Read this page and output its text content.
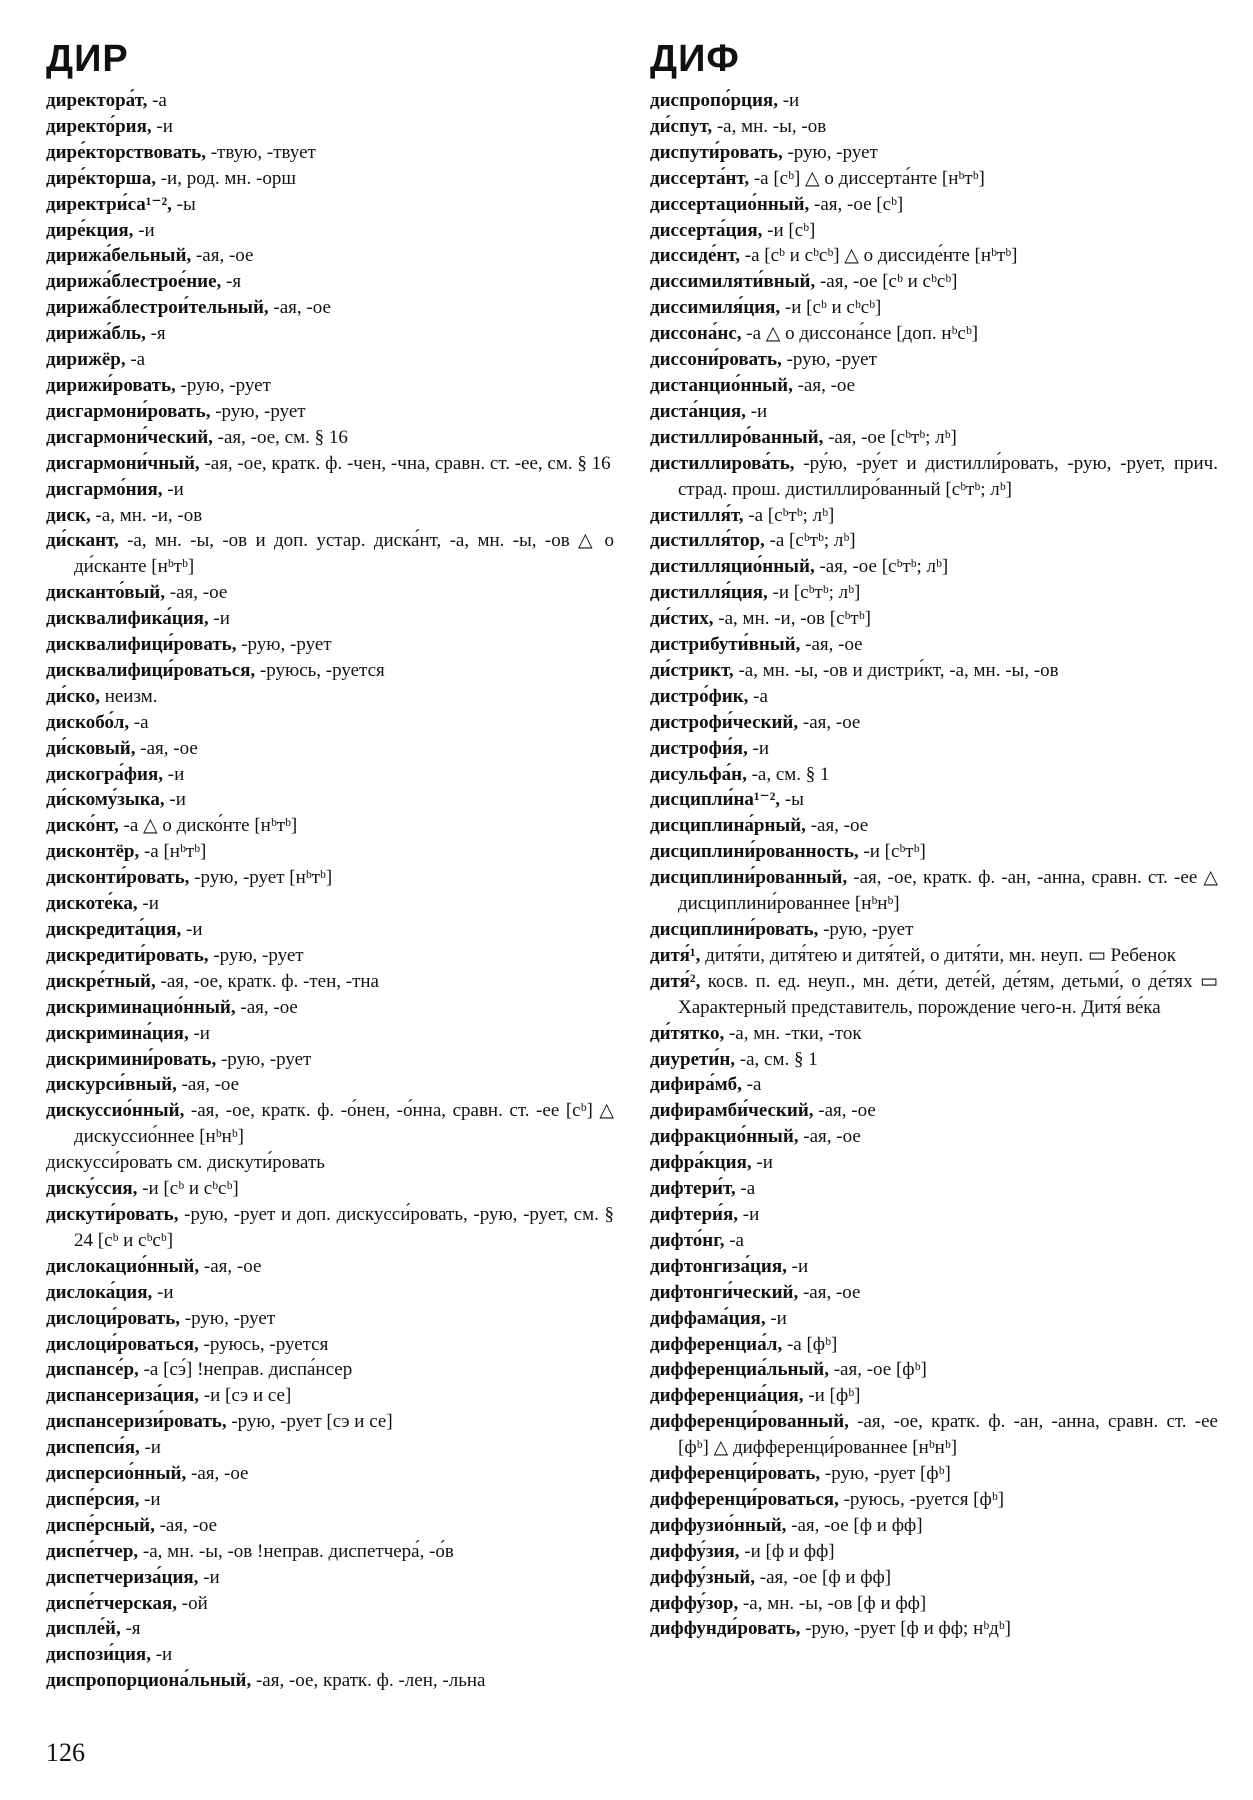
ДИР	ДИФ

директора́т, -а

директо́рия, -и

дире́кторствовать, -твую, -твует

дире́кторша, -и, род. мн. -орш

директри́са¹⁻², -ы

дире́кция, -и

дирижа́бельный, -ая, -ое

дирижа́блестрое́ние, -я

дирижа́блестрои́тельный, -ая, -ое

дирижа́бль, -я

дирижёр, -а

дирижи́ровать, -рую, -рует

дисгармони́ровать, -рую, -рует

дисгармони́ческий, -ая, -ое, см. § 16

дисгармони́чный, -ая, -ое, кратк. ф. -чен, -чна, сравн. ст. -ее, см. § 16

дисгармо́ния, -и

диск, -а, мн. -и, -ов

ди́скант, -а, мн. -ы, -ов и доп. устар. диска́нт, -а, мн. -ы, -ов △ о ди́сканте [нᵇтᵇ]

дисканто́вый, -ая, -ое

дисквалифика́ция, -и

дисквалифици́ровать, -рую, -рует

дисквалифици́роваться, -руюсь, -руется

ди́ско, неизм.

дискобо́л, -а

ди́сковый, -ая, -ое

дискогра́фия, -и

ди́скому́зыка, -и

диско́нт, -а △ о диско́нте [нᵇтᵇ]

дисконтёр, -а [нᵇтᵇ]

дисконти́ровать, -рую, -рует [нᵇтᵇ]

дискоте́ка, -и

дискредита́ция, -и

дискредити́ровать, -рую, -рует

дискре́тный, -ая, -ое, кратк. ф. -тен, -тна

дискриминацио́нный, -ая, -ое

дискримина́ция, -и

дискримини́ровать, -рую, -рует

дискурси́вный, -ая, -ое

дискуссио́нный, -ая, -ое, кратк. ф. -о́нен, -о́нна, сравн. ст. -ее [cᵇ] △ дискуссио́ннее [нᵇнᵇ]

дискусси́ровать см. дискути́ровать

диску́ссия, -и [cᵇ и cᵇcᵇ]

дискути́ровать, -рую, -рует и доп. дискусси́ровать, -рую, -рует, см. § 24 [cᵇ и cᵇcᵇ]

дислокацио́нный, -ая, -ое

дислока́ция, -и

дислоци́ровать, -рую, -рует

дислоци́роваться, -руюсь, -руется

диспансе́р, -а [cэ́] !неправ. диспа́нсер

диспансериза́ция, -и [сэ и се]

диспансеризи́ровать, -рую, -рует [сэ и се]

диспепси́я, -и

дисперсио́нный, -ая, -ое

диспе́рсия, -и

диспе́рсный, -ая, -ое

диспе́тчер, -а, мн. -ы, -ов !неправ. диспетчера́, -о́в

диспетчериза́ция, -и

диспе́тчерская, -ой

диспле́й, -я

диспози́ция, -и

диспропорциона́льный, -ая, -ое, кратк. ф. -лен, -льна

диспропо́рция, -и

ди́спут, -а, мн. -ы, -ов

диспути́ровать, -рую, -рует

диссерта́нт, -а [cᵇ] △ о диссерта́нте [нᵇтᵇ]

диссертацио́нный, -ая, -ое [cᵇ]

диссерта́ция, -и [cᵇ]

диссиде́нт, -а [cᵇ и cᵇcᵇ] △ о диссиде́нте [нᵇтᵇ]

диссимиляти́вный, -ая, -ое [cᵇ и cᵇcᵇ]

диссимиля́ция, -и [cᵇ и cᵇcᵇ]

диссона́нс, -а △ о диссона́нсе [доп. нᵇcᵇ]

диссони́ровать, -рую, -рует

дистанцио́нный, -ая, -ое

диста́нция, -и

дистиллиро́ванный, -ая, -ое [cᵇтᵇ; лᵇ]

дистиллирова́ть, -ру́ю, -ру́ет и дистилли́ровать, -рую, -рует, прич. страд. прош. дистиллиро́ванный [cᵇтᵇ; лᵇ]

дистилля́т, -а [cᵇтᵇ; лᵇ]

дистилля́тор, -а [cᵇтᵇ; лᵇ]

дистилляцио́нный, -ая, -ое [cᵇтᵇ; лᵇ]

дистилля́ция, -и [cᵇтᵇ; лᵇ]

ди́стих, -а, мн. -и, -ов [cᵇтᵇ]

дистрибути́вный, -ая, -ое

ди́стрикт, -а, мн. -ы, -ов и дистри́кт, -а, мн. -ы, -ов

дистро́фик, -а

дистрофи́ческий, -ая, -ое

дистрофи́я, -и

дисульфа́н, -а, см. § 1

дисципли́на¹⁻², -ы

дисциплина́рный, -ая, -ое

дисциплини́рованность, -и [cᵇтᵇ]

дисциплини́рованный, -ая, -ое, кратк. ф. -ан, -анна, сравн. ст. -ее △ дисциплини́рованнее [нᵇнᵇ]

дисциплини́ровать, -рую, -рует

дитя́¹, дитя́ти, дитя́тею и дитя́тей, о дитя́ти, мн. неуп. ▭ Ребенок

дитя́², косв. п. ед. неуп., мн. де́ти, дете́й, де́тям, детьми́, о де́тях ▭ Характерный представитель, порождение чего-н. Дитя́ ве́ка

ди́тятко, -а, мн. -тки, -ток

диурети́н, -а, см. § 1

дифира́мб, -а

дифирамби́ческий, -ая, -ое

дифракцио́нный, -ая, -ое

дифра́кция, -и

дифтери́т, -а

дифтери́я, -и

дифто́нг, -а

дифтонгиза́ция, -и

дифтонги́ческий, -ая, -ое

диффама́ция, -и

дифференциа́л, -а [фᵇ]

дифференциа́льный, -ая, -ое [фᵇ]

дифференциа́ция, -и [фᵇ]

дифференци́рованный, -ая, -ое, кратк. ф. -ан, -анна, сравн. ст. -ее [фᵇ] △ дифференци́рованнее [нᵇнᵇ]

дифференци́ровать, -рую, -рует [фᵇ]

дифференци́роваться, -руюсь, -руется [фᵇ]

диффузио́нный, -ая, -ое [ф и фф]

диффу́зия, -и [ф и фф]

диффу́зный, -ая, -ое [ф и фф]

диффу́зор, -а, мн. -ы, -ов [ф и фф]

диффунди́ровать, -рую, -рует [ф и фф; нᵇдᵇ]

126
